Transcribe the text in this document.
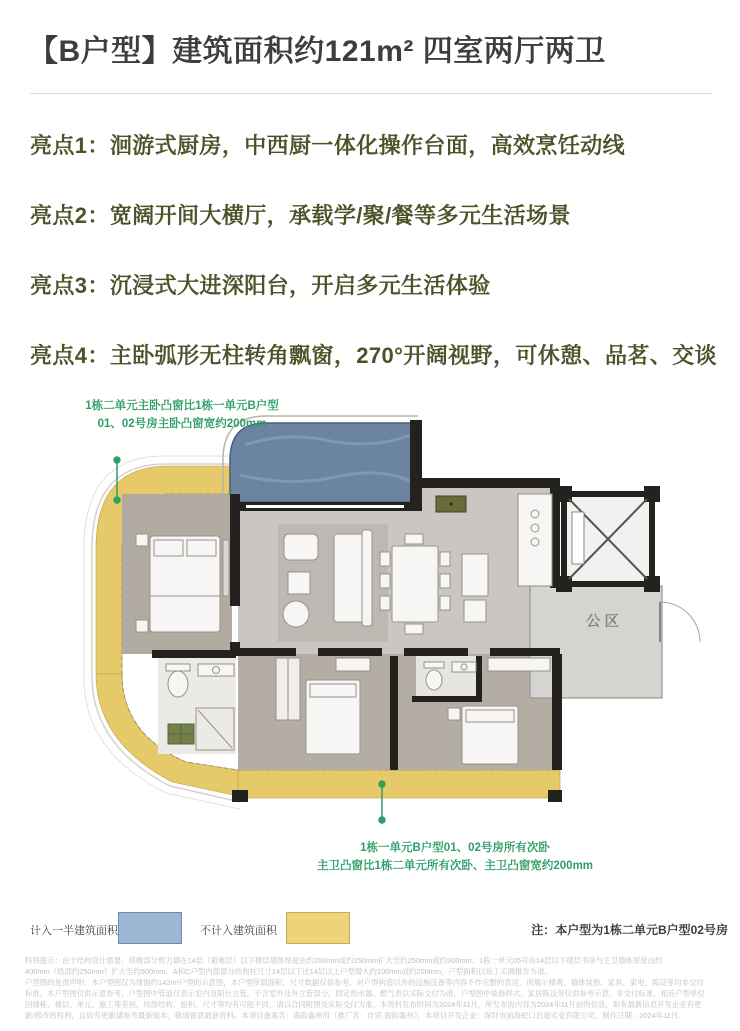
【B户型】建筑面积约121m² 四室两厅两卫
亮点1：洄游式厨房，中西厨一体化操作台面，高效烹饪动线
亮点2：宽阔开间大横厅，承载学/聚/餐等多元生活场景
亮点3：沉浸式大进深阳台，开启多元生活体验
亮点4：主卧弧形无柱转角飘窗，270°开阔视野，可休憩、品茗、交谈
1栋二单元主卧凸窗比1栋一单元B户型
01、02号房主卧凸窗宽约200mm
1栋一单元B户型01、02号房所有次卧
主卫凸窗比1栋二单元所有次卧、主卫凸窗宽约200mm
公区
计入一半建筑面积	不计入建筑面积	注：本户型为1栋二单元B户型02号房
特别提示：由于结构设计需要，塔楼部分剪力墙在14层（避难层）以下楼层墙体厚度由约200mm或约250mm扩大至约250mm或约300mm；1栋一单元05号房14层以下楼层书房与主卫墙体厚度由约
400mm（局部约250mm）扩大至约500mm，A和C户型内部部分结构柱尺寸14层以下比14层以上户型增大约100mm或约200mm，户型面积以竣工实测报告为准。
户型图的免责声明：本户型图仅为建面约142m²户型的示意图，本户型所载面积、尺寸数据仅供参考，对户型构造以外的设施设备等内容不作完整的表达，所展示楼观、墙体装修、家具、家电、陈设等均非交付
标准，本户型图仅供示意参考，户型图中管道仅表示室内及阳台立管，不含室外及外立管部分，固定热水器、燃气表以实际交付为准，户型图中装修样式、家居陈设等仅供参考示意，非交付标准，相应户型单位
因楼栋、楼层、单元、施工等差别，局部结构、面积、尺寸等均有可能不同，请以合同附图及实际交付为准。本资料发布时间为2024年11月，所发布的内容为2024年11月前的信息，如有最新信息开发企业有更
新/修改的权利，且如有更新请参考最新版本，敬请留意最新资料。本项目备案名：海韵嘉州府（推广名：自贸·海韵嘉州），本项目开发企业：深圳市前海蛇口启迪实业有限公司，制作日期：2024年11月。
